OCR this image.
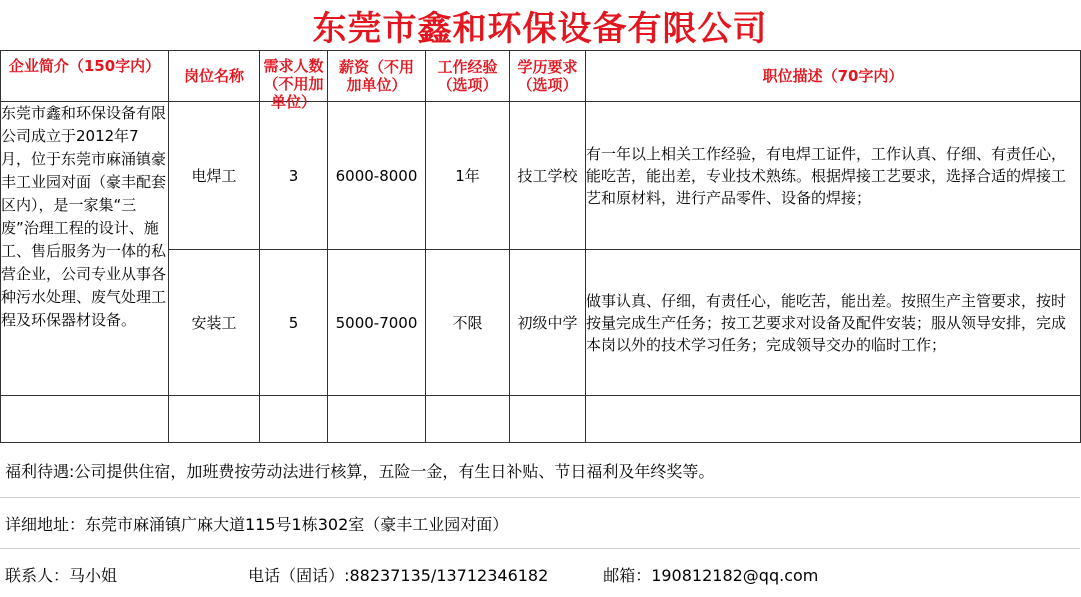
东莞市鑫和环保设备有限公司
企业简介（150字内）	岗位名称	需求人数（不用加单位）	薪资（不用加单位）	工作经验（选项）	学历要求（选项）	职位描述（70字内）

东莞市鑫和环保设备有限公司成立于2012年7月，位于东莞市麻涌镇豪丰工业园对面（豪丰配套区内），是一家集“三废”治理工程的设计、施工、售后服务为一体的私营企业，公司专业从事各种污水处理、废气处理工程及环保器材设备。	电焊工	3	6000-8000	1年	技工学校	有一年以上相关工作经验，有电焊工证件，工作认真、仔细、有责任心，能吃苦，能出差，专业技术熟练。根据焊接工艺要求，选择合适的焊接工艺和原材料，进行产品零件、设备的焊接；
	安装工	5	5000-7000	不限	初级中学	做事认真、仔细，有责任心，能吃苦，能出差。按照生产主管要求，按时按量完成生产任务；按工艺要求对设备及配件安装；服从领导安排，完成本岗以外的技术学习任务；完成领导交办的临时工作；

福利待遇:公司提供住宿，加班费按劳动法进行核算，五险一金，有生日补贴、节日福利及年终奖等。
详细地址：东莞市麻涌镇广麻大道115号1栋302室（豪丰工业园对面）
联系人：马小姐	电话（固话）:88237135/13712346182	邮箱：190812182@qq.com
